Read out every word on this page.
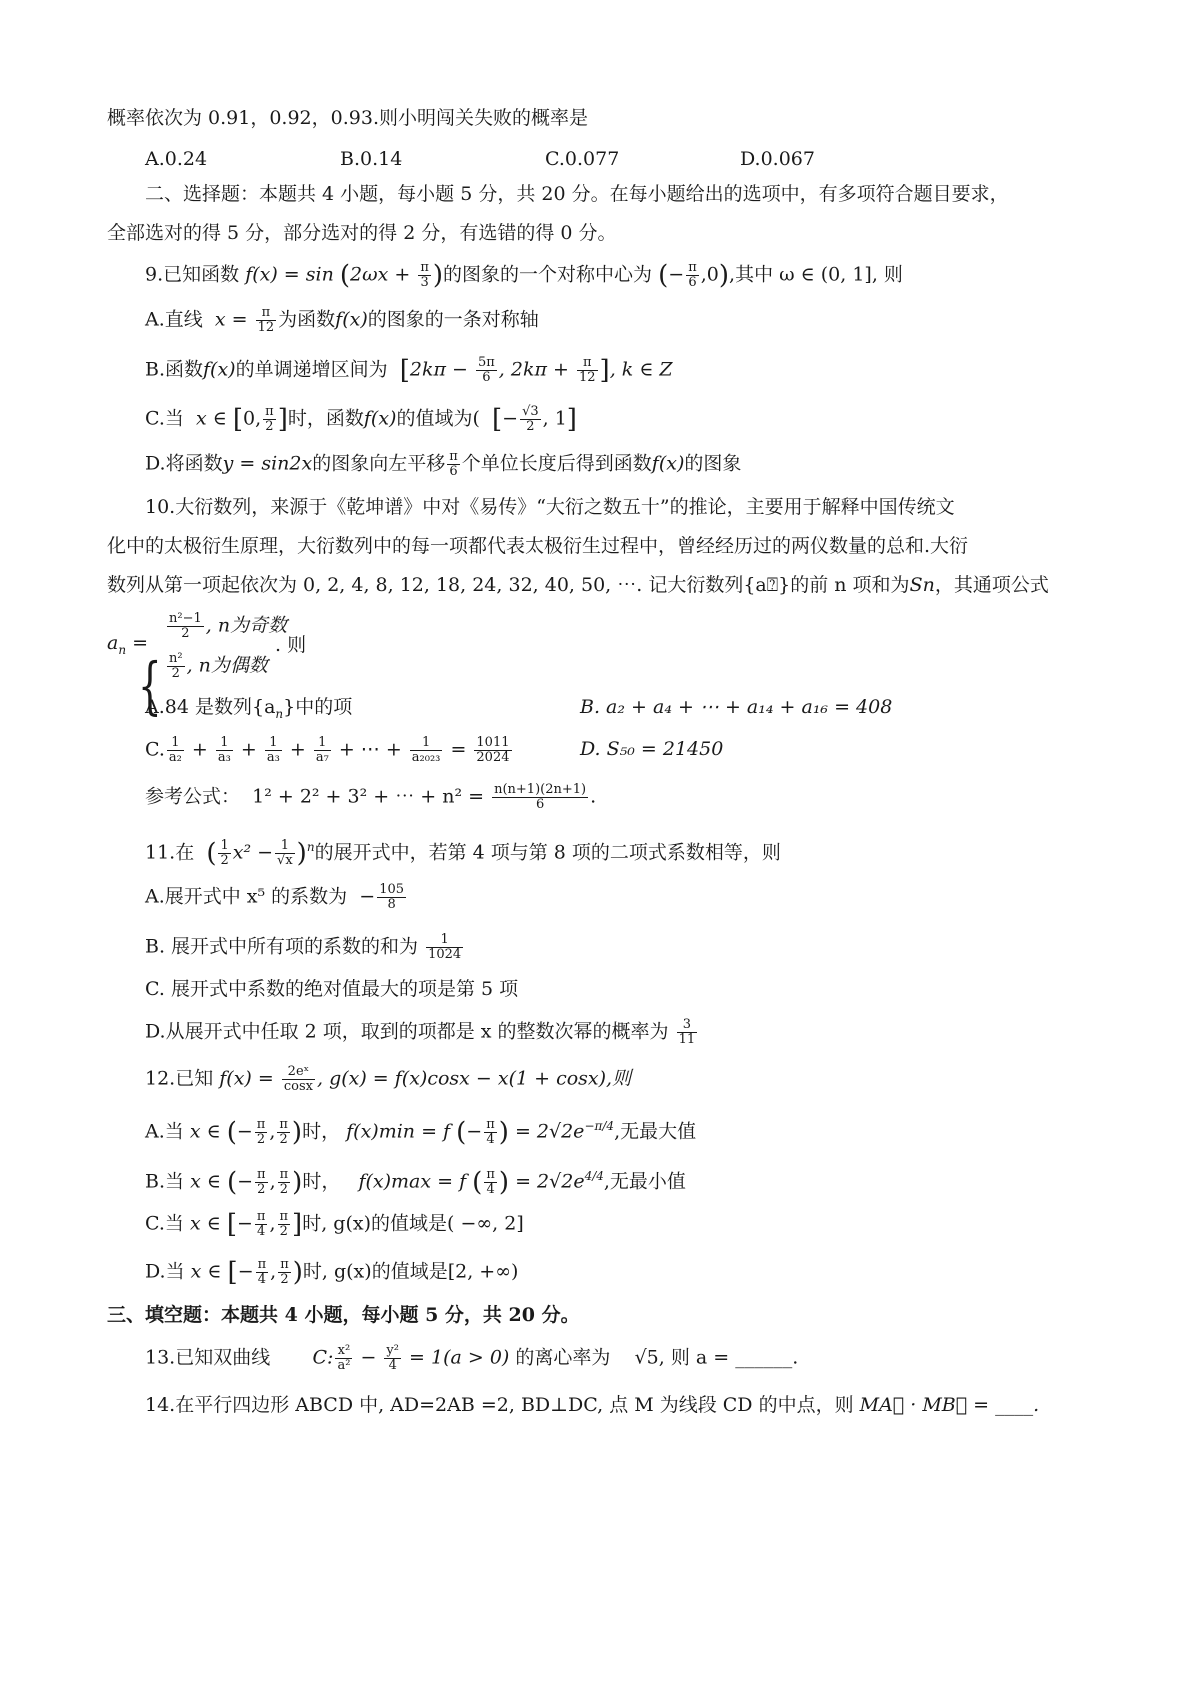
概率依次为 0.91，0.92，0.93.则小明闯关失败的概率是
A.0.24	B.0.14	C.0.077	D.0.067
二、选择题：本题共 4 小题，每小题 5 分，共 20 分。在每小题给出的选项中，有多项符合题目要求，
全部选对的得 5 分，部分选对的得 2 分，有选错的得 0 分。
9.已知函数 $f(x) = \sin (2\omega x + \frac{\pi}{3}$ )的图象的一个对称中心为 (− $\frac{\pi}{6} ,0$),其中 ω ∈ (0, 1], 则
A.直线 $x = \frac{\pi}{12}$ 为函数f(x)的图象的一条对称轴
B.函数f(x)的单调递增区间为 [$2k\pi - \frac{5\pi}{6}$ , $2k\pi + \frac{\pi}{12}$ ], k ∈ Z
C.当 x ∈ [0, $\frac{\pi}{2}$ ]时，函数f(x)的值域为( [− $\frac{√3}{2}$ , 1]
D.将函数y = sin2x的图象向左平移 $\frac{\pi}{6}$ 个单位长度后得到函数f(x)的图象
10.大衍数列，来源于《乾坤谱》中对《易传》“大衍之数五十”的推论，主要用于解释中国传统文
化中的太极衍生原理，大衍数列中的每一项都代表太极衍生过程中，曾经经历过的两仪数量的总和.大衍
数列从第一项起依次为 0, 2, 4, 8, 12, 18, 24, 32, 40, 50, ⋯. 记大衍数列{a⍰}的前 n 项和为Sn，其通项公式
$a_n$ =
{
$\frac{\text{n²−1}}{2}$ , n为奇数
$\frac{\text{n²}}{2}$ , n为偶数
. 则
A.84 是数列$\{a_n\}$中的项	B. a₂ + a₄ + ⋯ + a₁₄ + a₁₆ = 408
C. $\frac{1}{\text{a₂}} + \frac{1}{\text{a₃}} + \frac{1}{\text{a₃}} + \frac{1}{\text{a₇}}$ + ⋯ + $\frac{1}{\text{a₂₀₂₃}} = \frac{1011}{2024}$	D. S₅₀ = 21450
参考公式： 1² + 2² + 3² + ⋯ + $n^2 = \frac{n(n+1)(2n+1)}{6}$ .
11.在 ( $\frac{1}{2} x^2 - \frac{1}{√x} )^n$的展开式中，若第 4 项与第 8 项的二项式系数相等，则
A.展开式中 x⁵ 的系数为 − $\frac{105}{8}$
B. 展开式中所有项的系数的和为 $\frac{1}{1024}$
C. 展开式中系数的绝对值最大的项是第 5 项
D.从展开式中任取 2 项，取到的项都是 x 的整数次幂的概率为 $\frac{3}{11}$
12.已知 $f(x) = \frac{\text{2eˣ}}{\cos x}$ , g(x) = f(x)cosx − x(1 + cosx),则
A.当 x ∈ (− $\frac{\pi}{2}$ , $\frac{\pi}{2}$ )时， f(x)min = f (− $\frac{\pi}{4}$ ) = $2√2e^{-\pi/4}$,无最大值
B.当 x ∈ (− $\frac{\pi}{2}$ , $\frac{\pi}{2}$ )时， f(x)max = f ( $\frac{\pi}{4}$ ) = $2√2e^{4/4}$,无最小值
C.当 x ∈ [− $\frac{\pi}{4}$ , $\frac{\pi}{2}$ ]时, g(x)的值域是( −∞, 2]
D.当 x ∈ [− $\frac{\pi}{4}$ , $\frac{\pi}{2}$ )时, g(x)的值域是[2, +∞)
三、填空题：本题共 4 小题，每小题 5 分，共 20 分。
13.已知双曲线 C: $\frac{\text{x²}}{\text{a²}} - \frac{\text{y²}}{4} = 1(a > 0)$ 的离心率为 √5, 则 a = ______.
14.在平行四边形 ABCD 中, AD=2AB =2, BD⊥DC, 点 M 为线段 CD 的中点，则 MA⃗ · MB⃗ = ____.
